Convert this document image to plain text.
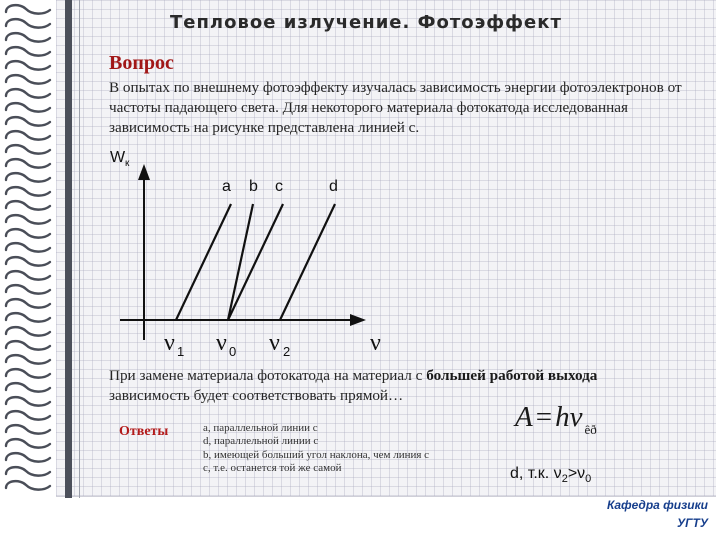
Тепловое излучение. Фотоэффект
Вопрос
В опытах по внешнему фотоэффекту изучалась зависимость энергии фотоэлектронов от частоты падающего света. Для некоторого материала фотокатода исследованная зависимость на рисунке представлена линией с.
W к
a b c	d
ν 1 ν 0 ν 2	ν
При замене материала фотокатода на материал с большей работой выхода зависимость будет соответствовать прямой…
Ответы	а, параллельной линии с
d, параллельной линии с
b, имеющей больший угол наклона, чем линия с
с, т.е. останется той же самой
A = hν $_{êð}$
d, т.к. $\nu_2>\nu_0$
Кафедра физики
УГТУ
